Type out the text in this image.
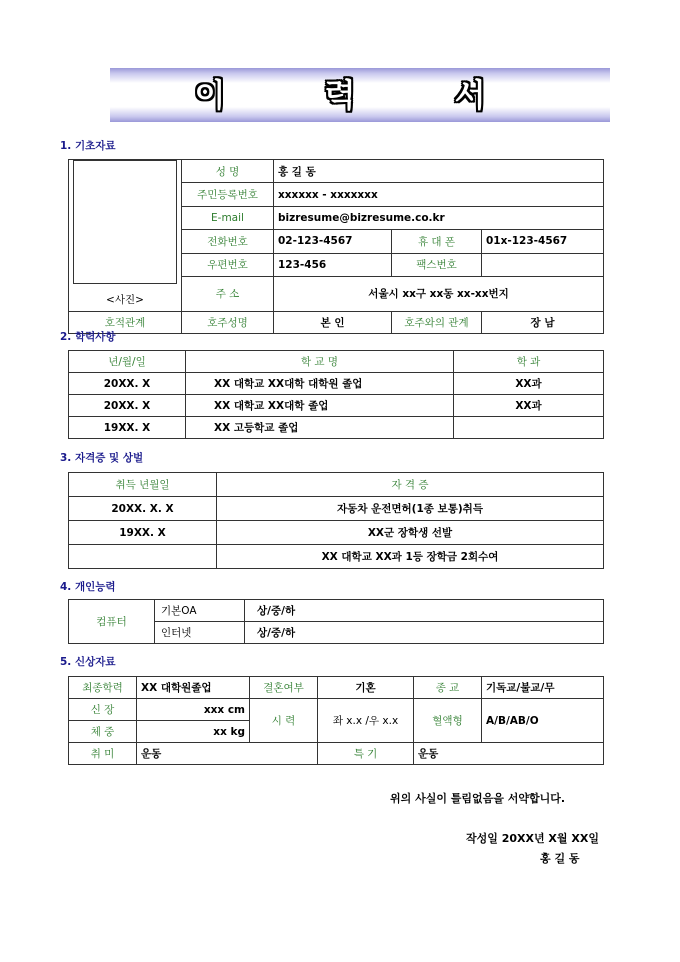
이 력 서
1. 기초자료
<사진>	성 명	홍 길 동		
	주민등록번호	xxxxxx - xxxxxxx		
	E-mail	bizresume@bizresume.co.kr		
	전화번호	02-123-4567	휴 대 폰	01x-123-4567
	우편번호	123-456	팩스번호	
	주 소	서울시 xx구 xx동 xx-xx번지		
호적관계	호주성명	본 인	호주와의 관계	장 남
2. 학력사항
년/월/일	학 교 명	학 과
20XX. X	XX 대학교 XX대학 대학원 졸업	XX과
20XX. X	XX 대학교 XX대학 졸업	XX과
19XX. X	XX 고등학교 졸업	
3. 자격증 및 상벌
취득 년월일	자 격 증
20XX. X. X	자동차 운전면허(1종 보통)취득
19XX. X	XX군 장학생 선발
	XX 대학교 XX과 1등 장학금 2회수여
4. 개인능력
컴퓨터	기본OA	상/중/하
	인터넷	상/중/하
5. 신상자료
최종학력	XX 대학원졸업	결혼여부	기혼	종 교	기독교/불교/무
신 장	xxx cm	시 력	좌 x.x /우 x.x	혈액형	A/B/AB/O
체 중	xx kg				
취 미	운동		특 기	운동	
위의 사실이 틀림없음을 서약합니다.
작성일 20XX년 X월 XX일
홍 길 동
